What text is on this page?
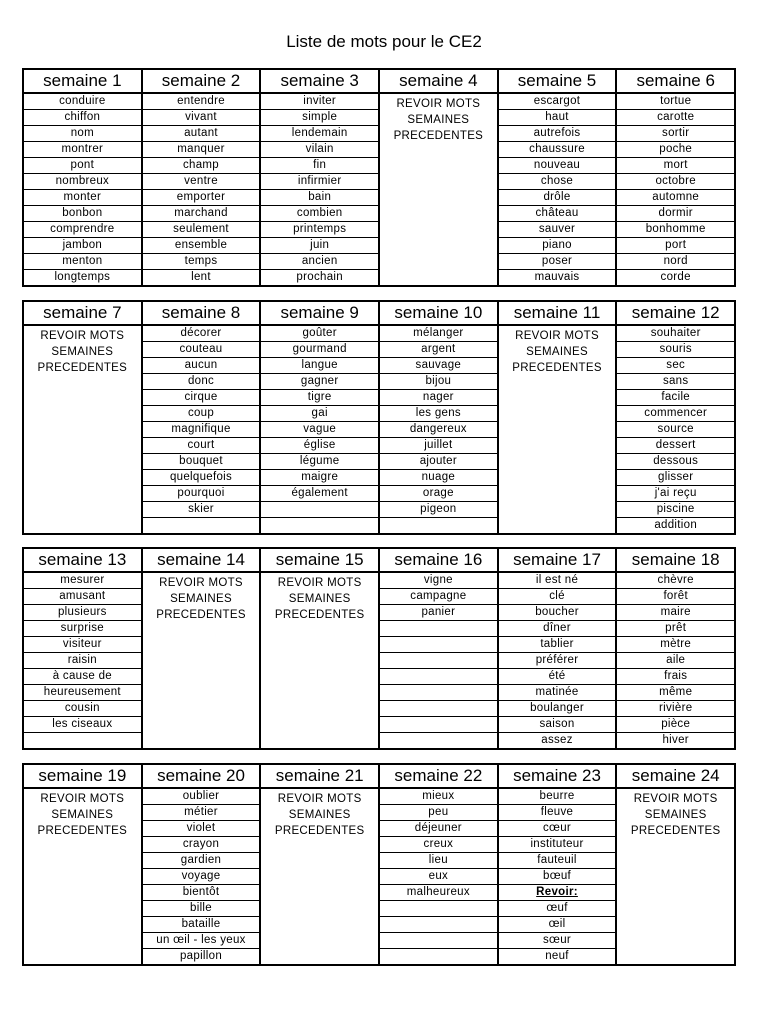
Liste de mots pour le CE2
semaine 1
conduire
chiffon
nom
montrer
pont
nombreux
monter
bonbon
comprendre
jambon
menton
longtemps
semaine 2
entendre
vivant
autant
manquer
champ
ventre
emporter
marchand
seulement
ensemble
temps
lent
semaine 3
inviter
simple
lendemain
vilain
fin
infirmier
bain
combien
printemps
juin
ancien
prochain
semaine 4
REVOIR MOTS
SEMAINES
PRECEDENTES
semaine 5
escargot
haut
autrefois
chaussure
nouveau
chose
drôle
château
sauver
piano
poser
mauvais
semaine 6
tortue
carotte
sortir
poche
mort
octobre
automne
dormir
bonhomme
port
nord
corde
semaine 7
REVOIR MOTS
SEMAINES
PRECEDENTES
semaine 8
décorer
couteau
aucun
donc
cirque
coup
magnifique
court
bouquet
quelquefois
pourquoi
skier
semaine 9
goûter
gourmand
langue
gagner
tigre
gai
vague
église
légume
maigre
également
semaine 10
mélanger
argent
sauvage
bijou
nager
les gens
dangereux
juillet
ajouter
nuage
orage
pigeon
semaine 11
REVOIR MOTS
SEMAINES
PRECEDENTES
semaine 12
souhaiter
souris
sec
sans
facile
commencer
source
dessert
dessous
glisser
j'ai reçu
piscine
addition
semaine 13
mesurer
amusant
plusieurs
surprise
visiteur
raisin
à cause de
heureusement
cousin
les ciseaux
semaine 14
REVOIR MOTS
SEMAINES
PRECEDENTES
semaine 15
REVOIR MOTS
SEMAINES
PRECEDENTES
semaine 16
vigne
campagne
panier
semaine 17
il est né
clé
boucher
dîner
tablier
préférer
été
matinée
boulanger
saison
assez
semaine 18
chèvre
forêt
maire
prêt
mètre
aile
frais
même
rivière
pièce
hiver
semaine 19
REVOIR MOTS
SEMAINES
PRECEDENTES
semaine 20
oublier
métier
violet
crayon
gardien
voyage
bientôt
bille
bataille
un œil - les yeux
papillon
semaine 21
REVOIR MOTS
SEMAINES
PRECEDENTES
semaine 22
mieux
peu
déjeuner
creux
lieu
eux
malheureux
semaine 23
beurre
fleuve
cœur
instituteur
fauteuil
bœuf
Revoir:
œuf
œil
sœur
neuf
semaine 24
REVOIR MOTS
SEMAINES
PRECEDENTES
